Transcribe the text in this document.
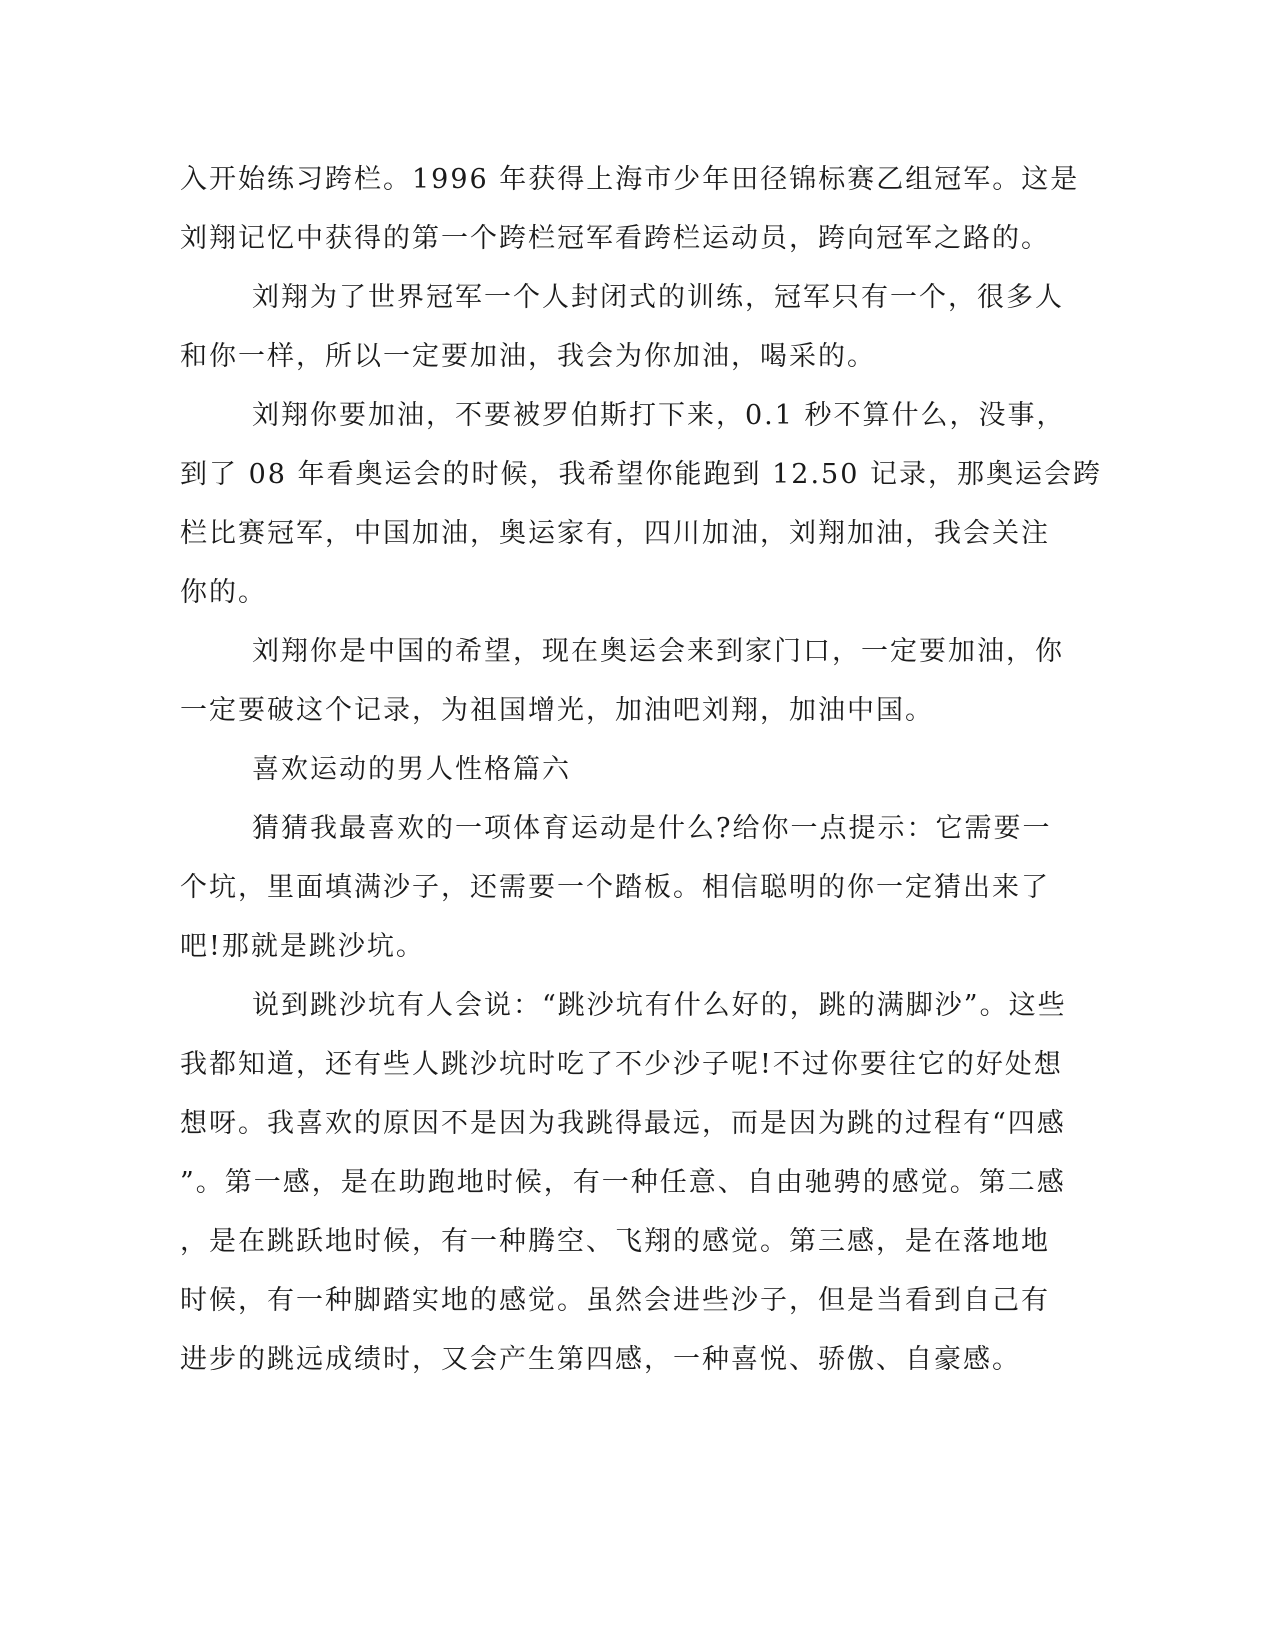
入开始练习跨栏。1996 年获得上海市少年田径锦标赛乙组冠军。这是
刘翔记忆中获得的第一个跨栏冠军看跨栏运动员，跨向冠军之路的。
刘翔为了世界冠军一个人封闭式的训练，冠军只有一个，很多人
和你一样，所以一定要加油，我会为你加油，喝采的。
刘翔你要加油，不要被罗伯斯打下来，0.1 秒不算什么，没事，
到了 08 年看奥运会的时候，我希望你能跑到 12.50 记录，那奥运会跨
栏比赛冠军，中国加油，奥运家有，四川加油，刘翔加油，我会关注
你的。
刘翔你是中国的希望，现在奥运会来到家门口，一定要加油，你
一定要破这个记录，为祖国增光，加油吧刘翔，加油中国。
喜欢运动的男人性格篇六
猜猜我最喜欢的一项体育运动是什么?给你一点提示：它需要一
个坑，里面填满沙子，还需要一个踏板。相信聪明的你一定猜出来了
吧!那就是跳沙坑。
说到跳沙坑有人会说：“跳沙坑有什么好的，跳的满脚沙”。这些
我都知道，还有些人跳沙坑时吃了不少沙子呢!不过你要往它的好处想
想呀。我喜欢的原因不是因为我跳得最远，而是因为跳的过程有“四感
”。第一感，是在助跑地时候，有一种任意、自由驰骋的感觉。第二感
，是在跳跃地时候，有一种腾空、飞翔的感觉。第三感，是在落地地
时候，有一种脚踏实地的感觉。虽然会进些沙子，但是当看到自己有
进步的跳远成绩时，又会产生第四感，一种喜悦、骄傲、自豪感。
